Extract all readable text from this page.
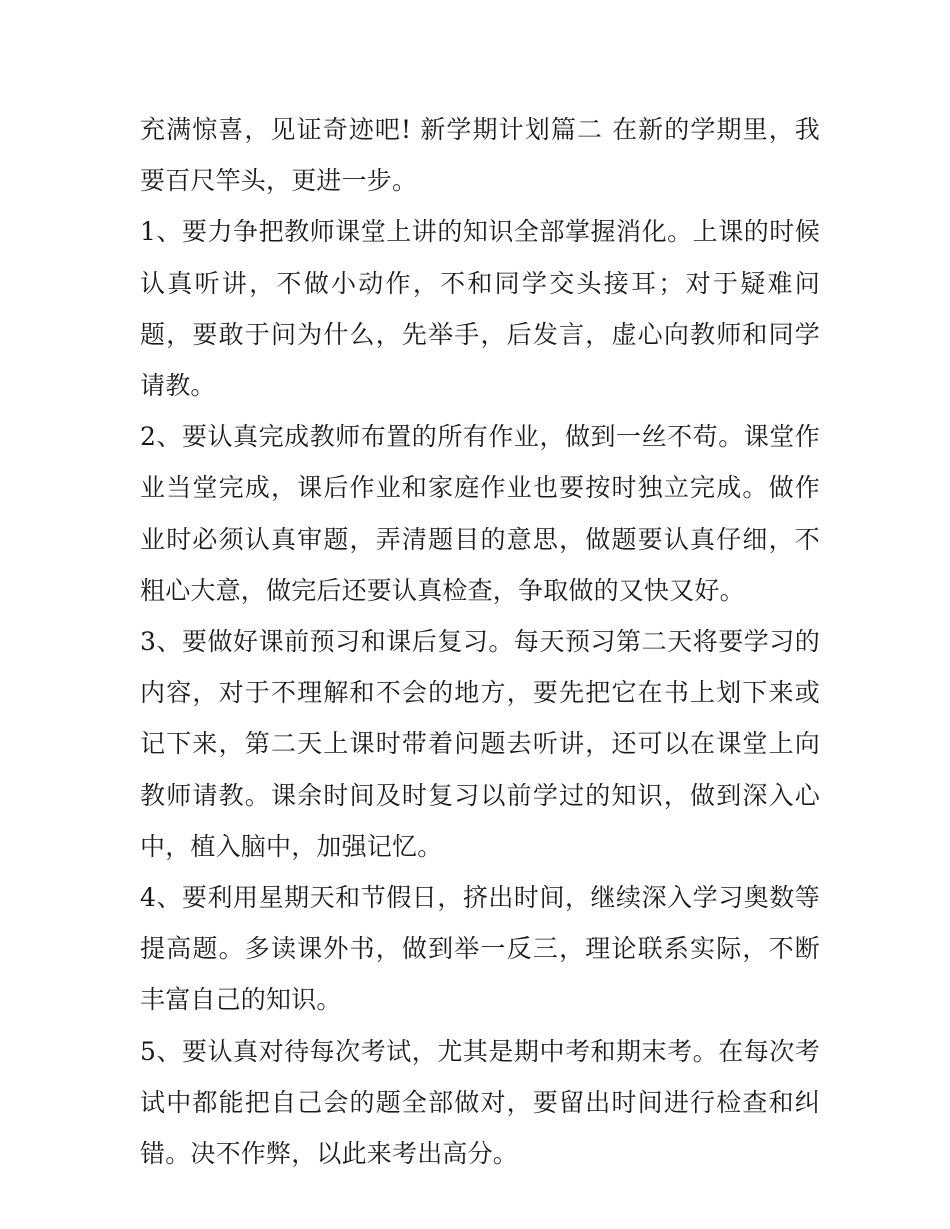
充满惊喜，见证奇迹吧! 新学期计划篇二 在新的学期里，我要百尺竿头，更进一步。

1、要力争把教师课堂上讲的知识全部掌握消化。上课的时候认真听讲，不做小动作，不和同学交头接耳；对于疑难问题，要敢于问为什么，先举手，后发言，虚心向教师和同学请教。

2、要认真完成教师布置的所有作业，做到一丝不苟。课堂作业当堂完成，课后作业和家庭作业也要按时独立完成。做作业时必须认真审题，弄清题目的意思，做题要认真仔细，不粗心大意，做完后还要认真检查，争取做的又快又好。

3、要做好课前预习和课后复习。每天预习第二天将要学习的内容，对于不理解和不会的地方，要先把它在书上划下来或记下来，第二天上课时带着问题去听讲，还可以在课堂上向教师请教。课余时间及时复习以前学过的知识，做到深入心中，植入脑中，加强记忆。

4、要利用星期天和节假日，挤出时间，继续深入学习奥数等提高题。多读课外书，做到举一反三，理论联系实际，不断丰富自己的知识。

5、要认真对待每次考试，尤其是期中考和期末考。在每次考试中都能把自己会的题全部做对，要留出时间进行检查和纠错。决不作弊，以此来考出高分。
